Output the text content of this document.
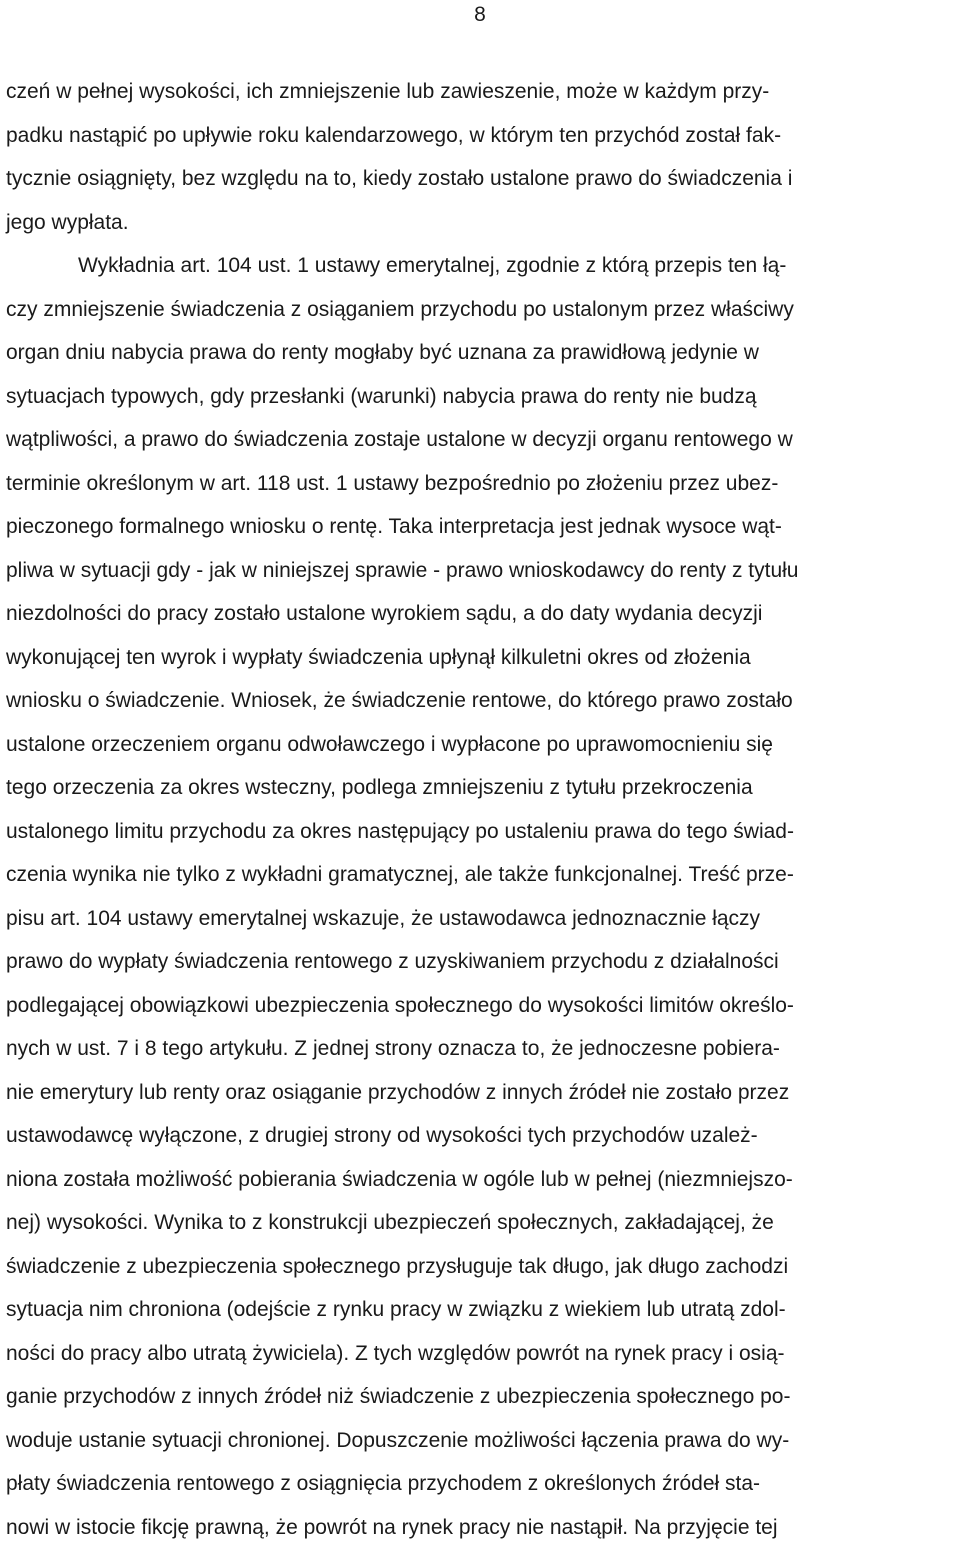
8
czeń w pełnej wysokości, ich zmniejszenie lub zawieszenie, może w każdym przy-
padku nastąpić po upływie roku kalendarzowego, w którym ten przychód został fak-
tycznie osiągnięty, bez względu na to, kiedy zostało ustalone prawo do świadczenia i
jego wypłata.
Wykładnia art. 104 ust. 1 ustawy emerytalnej, zgodnie z którą przepis ten łą-
czy zmniejszenie świadczenia z osiąganiem przychodu po ustalonym przez właściwy
organ dniu nabycia prawa do renty mogłaby być uznana za prawidłową jedynie w
sytuacjach typowych, gdy przesłanki (warunki) nabycia prawa do renty nie budzą
wątpliwości, a prawo do świadczenia zostaje ustalone w decyzji organu rentowego w
terminie określonym w art. 118 ust. 1 ustawy bezpośrednio po złożeniu przez ubez-
pieczonego formalnego wniosku o rentę. Taka interpretacja jest jednak wysoce wąt-
pliwa w sytuacji gdy - jak w niniejszej sprawie - prawo wnioskodawcy do renty z tytułu
niezdolności do pracy zostało ustalone wyrokiem sądu, a do daty wydania decyzji
wykonującej ten wyrok i wypłaty świadczenia upłynął kilkuletni okres od złożenia
wniosku o świadczenie. Wniosek, że świadczenie rentowe, do którego prawo zostało
ustalone orzeczeniem organu odwoławczego i wypłacone po uprawomocnieniu się
tego orzeczenia za okres wsteczny, podlega zmniejszeniu z tytułu przekroczenia
ustalonego limitu przychodu za okres następujący po ustaleniu prawa do tego świad-
czenia wynika nie tylko z wykładni gramatycznej, ale także funkcjonalnej. Treść prze-
pisu art. 104 ustawy emerytalnej wskazuje, że ustawodawca jednoznacznie łączy
prawo do wypłaty świadczenia rentowego z uzyskiwaniem przychodu z działalności
podlegającej obowiązkowi ubezpieczenia społecznego do wysokości limitów określo-
nych w ust. 7 i 8 tego artykułu. Z jednej strony oznacza to, że jednoczesne pobiera-
nie emerytury lub renty oraz osiąganie przychodów z innych źródeł nie zostało przez
ustawodawcę wyłączone, z drugiej strony od wysokości tych przychodów uzależ-
niona została możliwość pobierania świadczenia w ogóle lub w pełnej (niezmniejszo-
nej) wysokości. Wynika to z konstrukcji ubezpieczeń społecznych, zakładającej, że
świadczenie z ubezpieczenia społecznego przysługuje tak długo, jak długo zachodzi
sytuacja nim chroniona (odejście z rynku pracy w związku z wiekiem lub utratą zdol-
ności do pracy albo utratą żywiciela). Z tych względów powrót na rynek pracy i osią-
ganie przychodów z innych źródeł niż świadczenie z ubezpieczenia społecznego po-
woduje ustanie sytuacji chronionej. Dopuszczenie możliwości łączenia prawa do wy-
płaty świadczenia rentowego z osiągnięcia przychodem z określonych źródeł sta-
nowi w istocie fikcję prawną, że powrót na rynek pracy nie nastąpił. Na przyjęcie tej
